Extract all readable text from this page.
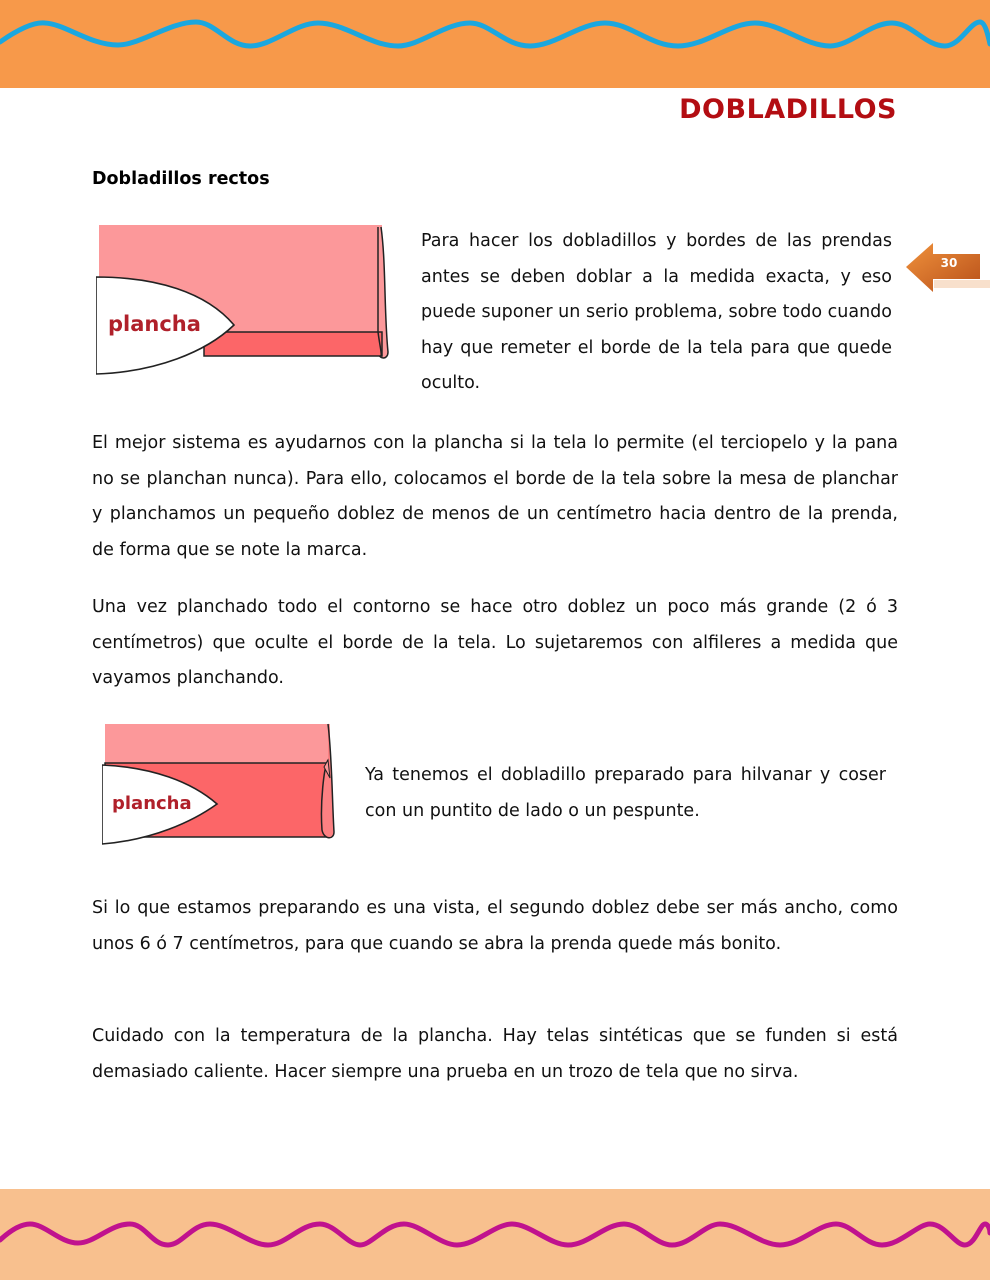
DOBLADILLOS
30
Dobladillos rectos
plancha
Para hacer los dobladillos y bordes de las prendas antes se deben doblar a la medida exacta, y eso puede suponer un serio problema, sobre todo cuando hay que remeter el borde de la tela para que quede oculto.
El mejor sistema es ayudarnos con la plancha si la tela lo permite (el terciopelo y la pana no se planchan nunca). Para ello, colocamos el borde de la tela sobre la mesa de planchar y planchamos un pequeño doblez de menos de un centímetro hacia dentro de la prenda, de forma que se note la marca.
Una vez planchado todo el contorno se hace otro doblez un poco más grande (2 ó 3 centímetros) que oculte el borde de la tela. Lo sujetaremos con alfileres a medida que vayamos planchando.
plancha
Ya tenemos el dobladillo preparado para hilvanar y coser con un puntito de lado o un pespunte.
Si lo que estamos preparando es una vista, el segundo doblez debe ser más ancho, como unos 6 ó 7 centímetros, para que cuando se abra la prenda quede más bonito.
Cuidado con la temperatura de la plancha. Hay telas sintéticas que se funden si está demasiado caliente. Hacer siempre una prueba en un trozo de tela que no sirva.
